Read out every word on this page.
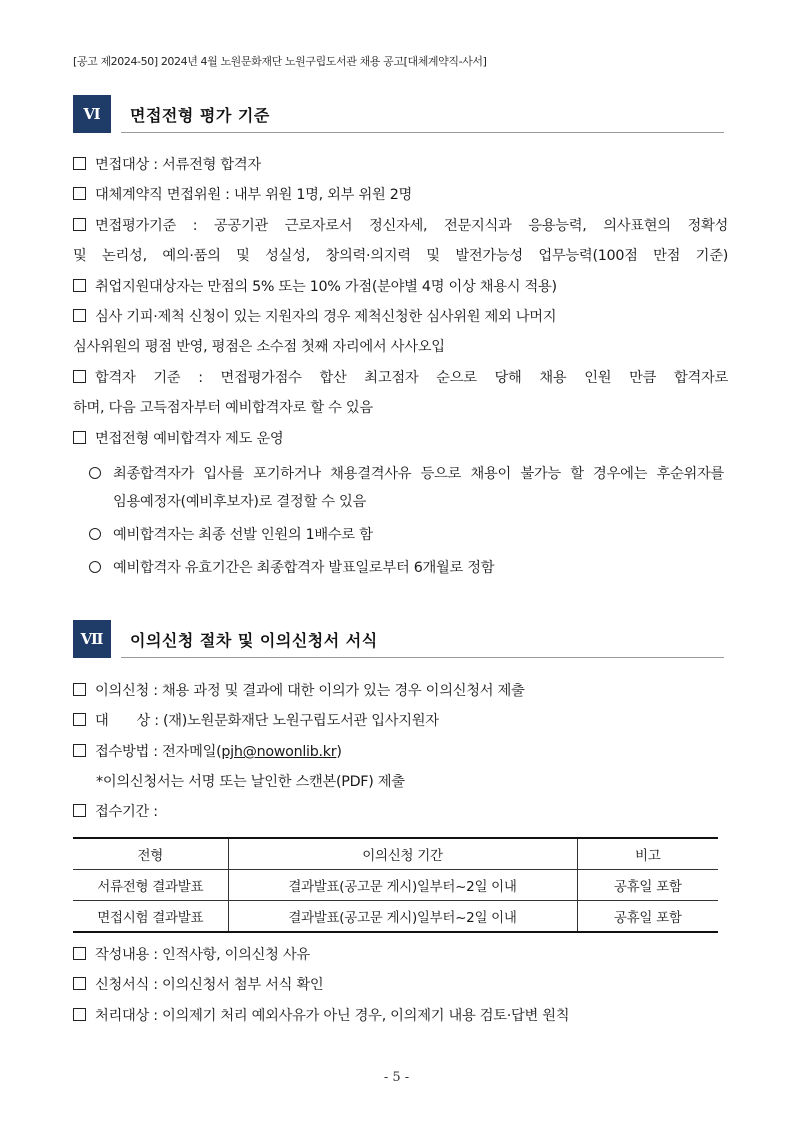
[공고 제2024-50] 2024년 4월 노원문화재단 노원구립도서관 채용 공고[대체계약직-사서]
Ⅵ	면접전형 평가 기준
면접대상 : 서류전형 합격자
대체계약직 면접위원 : 내부 위원 1명, 외부 위원 2명
면접평가기준 : 공공기관 근로자로서 정신자세, 전문지식과 응용능력, 의사표현의 정확성
및 논리성, 예의·품의 및 성실성, 창의력·의지력 및 발전가능성 업무능력(100점 만점 기준)
취업지원대상자는 만점의 5% 또는 10% 가점(분야별 4명 이상 채용시 적용)
심사 기피·제척 신청이 있는 지원자의 경우 제척신청한 심사위원 제외 나머지
심사위원의 평점 반영, 평점은 소수점 첫째 자리에서 사사오입
합격자 기준 : 면접평가점수 합산 최고점자 순으로 당해 채용 인원 만큼 합격자로
하며, 다음 고득점자부터 예비합격자로 할 수 있음
면접전형 예비합격자 제도 운영
최종합격자가 입사를 포기하거나 채용결격사유 등으로 채용이 불가능 할 경우에는 후순위자를
임용예정자(예비후보자)로 결정할 수 있음
예비합격자는 최종 선발 인원의 1배수로 함
예비합격자 유효기간은 최종합격자 발표일로부터 6개월로 정함
Ⅶ	이의신청 절차 및 이의신청서 서식
이의신청 : 채용 과정 및 결과에 대한 이의가 있는 경우 이의신청서 제출
대　　상 : (재)노원문화재단 노원구립도서관 입사지원자
접수방법 : 전자메일(pjh@nowonlib.kr)
*이의신청서는 서명 또는 날인한 스캔본(PDF) 제출
접수기간 :
전형	이의신청 기간	비고
서류전형 결과발표	결과발표(공고문 게시)일부터~2일 이내	공휴일 포함
면접시험 결과발표	결과발표(공고문 게시)일부터~2일 이내	공휴일 포함
작성내용 : 인적사항, 이의신청 사유
신청서식 : 이의신청서 첨부 서식 확인
처리대상 : 이의제기 처리 예외사유가 아닌 경우, 이의제기 내용 검토·답변 원칙
- 5 -
